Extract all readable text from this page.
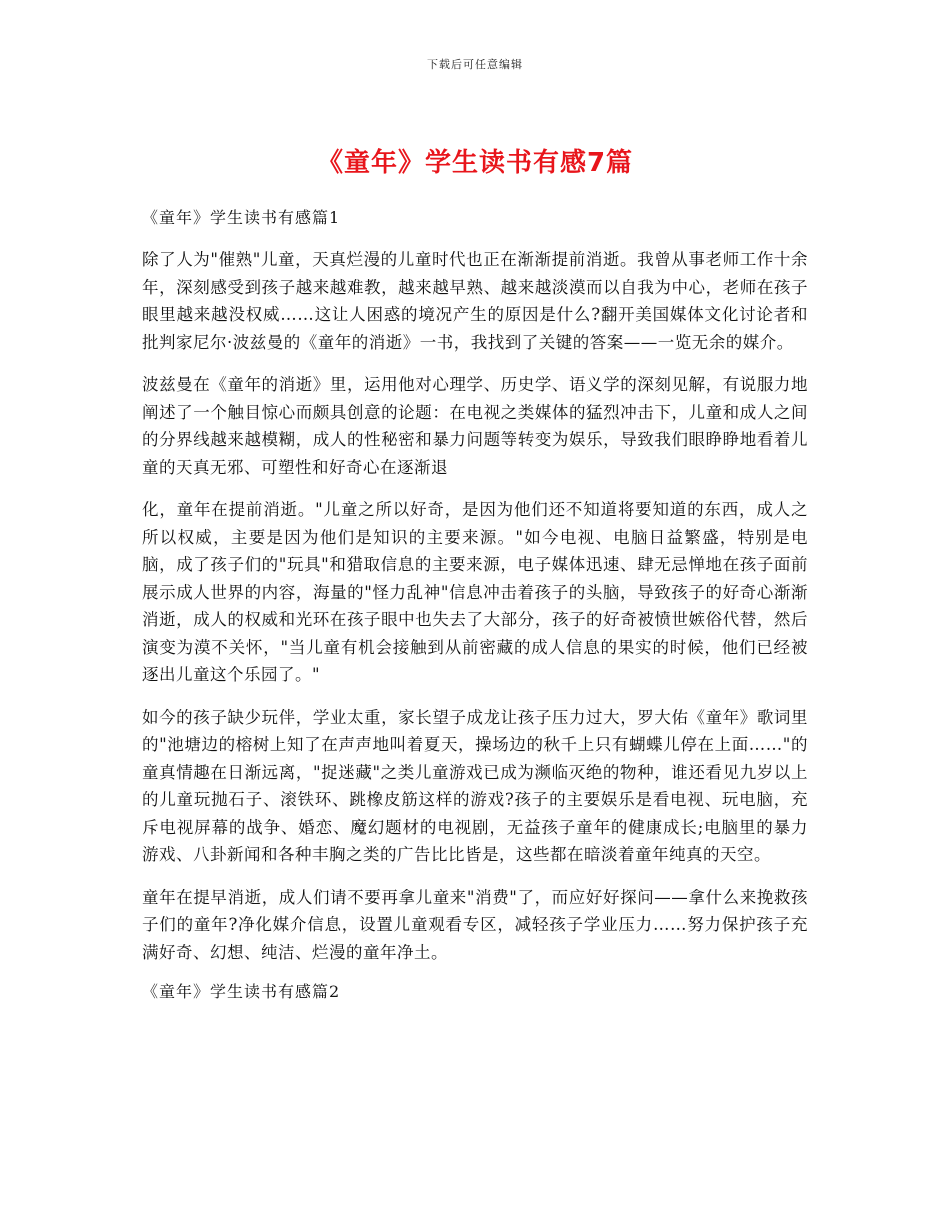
下载后可任意编辑
《童年》学生读书有感7篇

《童年》学生读书有感篇1

除了人为"催熟"儿童，天真烂漫的儿童时代也正在渐渐提前消逝。我曾从事老师工作十余年，深刻感受到孩子越来越难教，越来越早熟、越来越淡漠而以自我为中心，老师在孩子眼里越来越没权威……这让人困惑的境况产生的原因是什么?翻开美国媒体文化讨论者和批判家尼尔·波兹曼的《童年的消逝》一书，我找到了关键的答案——一览无余的媒介。

波兹曼在《童年的消逝》里，运用他对心理学、历史学、语义学的深刻见解，有说服力地阐述了一个触目惊心而颇具创意的论题：在电视之类媒体的猛烈冲击下，儿童和成人之间的分界线越来越模糊，成人的性秘密和暴力问题等转变为娱乐，导致我们眼睁睁地看着儿童的天真无邪、可塑性和好奇心在逐渐退

化，童年在提前消逝。"儿童之所以好奇，是因为他们还不知道将要知道的东西，成人之所以权威，主要是因为他们是知识的主要来源。"如今电视、电脑日益繁盛，特别是电脑，成了孩子们的"玩具"和猎取信息的主要来源，电子媒体迅速、肆无忌惮地在孩子面前展示成人世界的内容，海量的"怪力乱神"信息冲击着孩子的头脑，导致孩子的好奇心渐渐消逝，成人的权威和光环在孩子眼中也失去了大部分，孩子的好奇被愤世嫉俗代替，然后演变为漠不关怀，"当儿童有机会接触到从前密藏的成人信息的果实的时候，他们已经被逐出儿童这个乐园了。"

如今的孩子缺少玩伴，学业太重，家长望子成龙让孩子压力过大，罗大佑《童年》歌词里的"池塘边的榕树上知了在声声地叫着夏天，操场边的秋千上只有蝴蝶儿停在上面……"的童真情趣在日渐远离，"捉迷藏"之类儿童游戏已成为濒临灭绝的物种，谁还看见九岁以上的儿童玩抛石子、滚铁环、跳橡皮筋这样的游戏?孩子的主要娱乐是看电视、玩电脑，充斥电视屏幕的战争、婚恋、魔幻题材的电视剧，无益孩子童年的健康成长;电脑里的暴力游戏、八卦新闻和各种丰胸之类的广告比比皆是，这些都在暗淡着童年纯真的天空。

童年在提早消逝，成人们请不要再拿儿童来"消费"了，而应好好探问——拿什么来挽救孩子们的童年?净化媒介信息，设置儿童观看专区，减轻孩子学业压力……努力保护孩子充满好奇、幻想、纯洁、烂漫的童年净土。

《童年》学生读书有感篇2
